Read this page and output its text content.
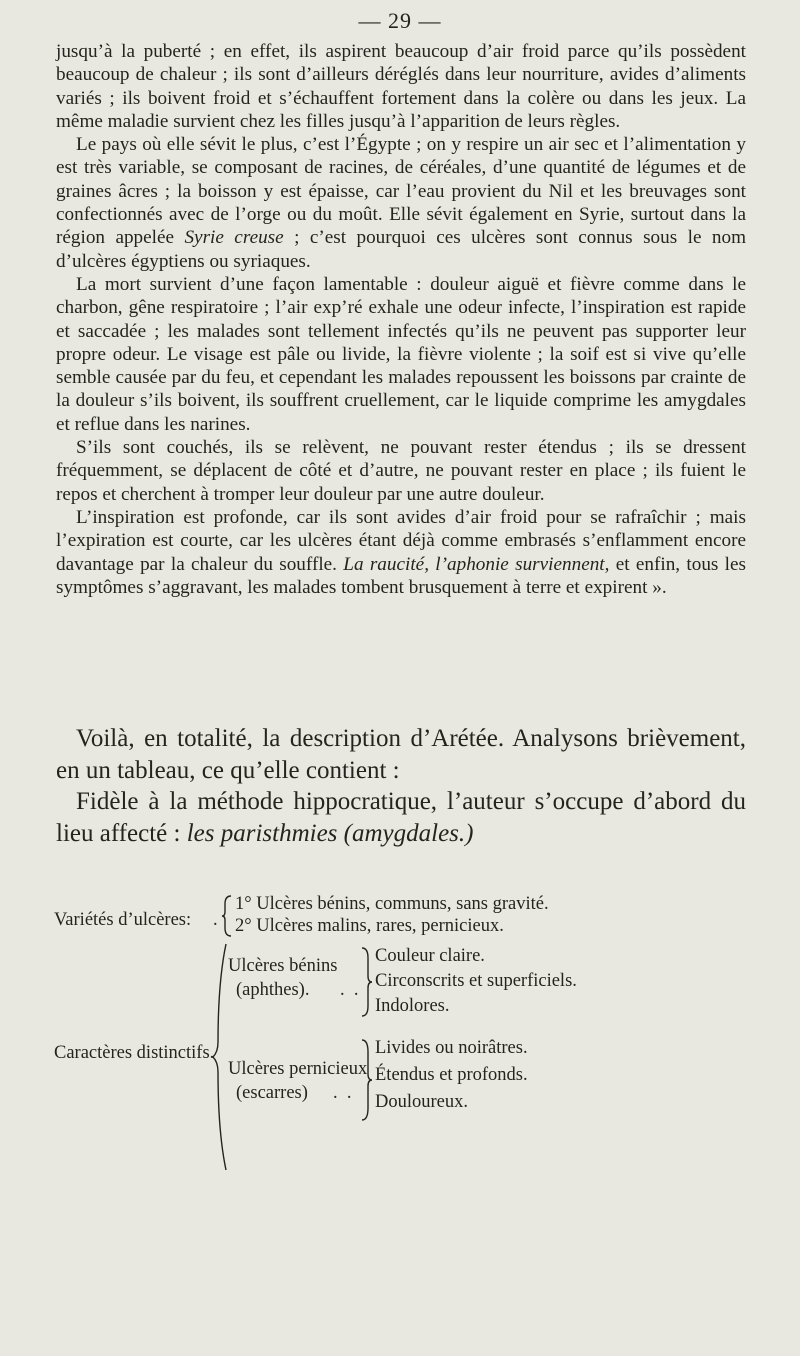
— 29 —

jusqu’à la puberté ; en effet, ils aspirent beaucoup d’air froid parce qu’ils possèdent beaucoup de chaleur ; ils sont d’ailleurs déréglés dans leur nourriture, avides d’aliments variés ; ils boivent froid et s’échauffent fortement dans la colère ou dans les jeux. La même maladie survient chez les filles jusqu’à l’apparition de leurs règles.

Le pays où elle sévit le plus, c’est l’Égypte ; on y respire un air sec et l’alimentation y est très variable, se composant de racines, de céréales, d’une quantité de légumes et de graines âcres ; la boisson y est épaisse, car l’eau provient du Nil et les breuvages sont confectionnés avec de l’orge ou du moût. Elle sévit également en Syrie, surtout dans la région appelée Syrie creuse ; c’est pourquoi ces ulcères sont connus sous le nom d’ulcères égyptiens ou syriaques.

La mort survient d’une façon lamentable : douleur aiguë et fièvre comme dans le charbon, gêne respiratoire ; l’air exp’ré exhale une odeur infecte, l’inspiration est rapide et saccadée ; les malades sont tellement infectés qu’ils ne peuvent pas supporter leur propre odeur. Le visage est pâle ou livide, la fièvre violente ; la soif est si vive qu’elle semble causée par du feu, et cependant les malades repoussent les boissons par crainte de la douleur s’ils boivent, ils souffrent cruellement, car le liquide comprime les amygdales et reflue dans les narines.

S’ils sont couchés, ils se relèvent, ne pouvant rester étendus ; ils se dressent fréquemment, se déplacent de côté et d’autre, ne pouvant rester en place ; ils fuient le repos et cherchent à tromper leur douleur par une autre douleur.

L’inspiration est profonde, car ils sont avides d’air froid pour se rafraîchir ; mais l’expiration est courte, car les ulcères étant déjà comme embrasés s’enflamment encore davantage par la chaleur du souffle. La raucité, l’aphonie surviennent, et enfin, tous les symptômes s’aggravant, les malades tombent brusquement à terre et expirent ».

Voilà, en totalité, la description d’Arétée. Analysons brièvement, en un tableau, ce qu’elle contient :

Fidèle à la méthode hippocratique, l’auteur s’occupe d’abord du lieu affecté : les paristhmies (amygdales.)

Variétés d’ulcères: .
1° Ulcères bénins, communs, sans gravité.
2° Ulcères malins, rares, pernicieux.
Caractères distinctifs.
Ulcères bénins
(aphthes). .  .
Couleur claire.
Circonscrits et superficiels.
Indolores.
Ulcères pernicieux
(escarres) .  .
Livides ou noirâtres.
Étendus et profonds.
Douloureux.
